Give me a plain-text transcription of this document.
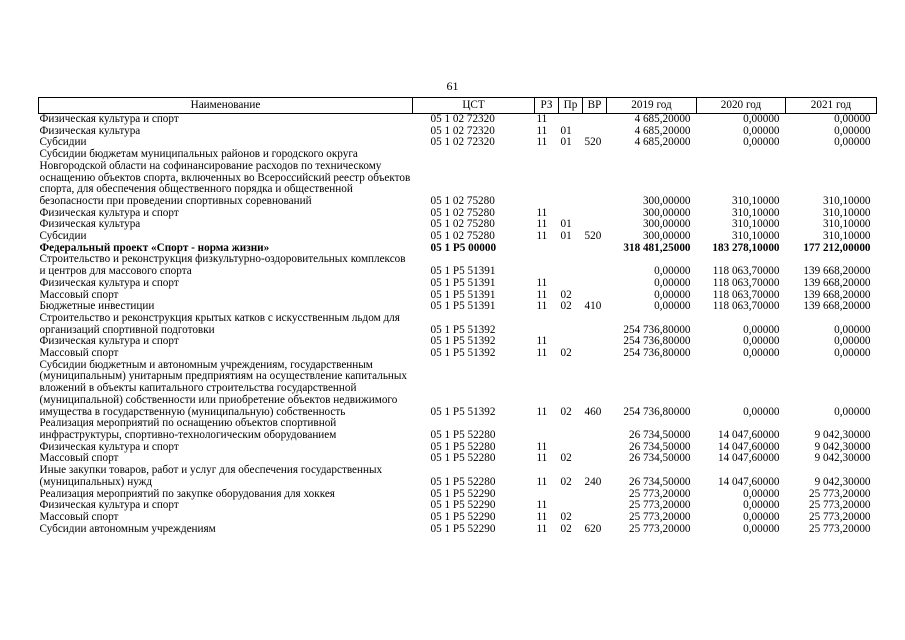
61
Наименование	ЦСТ	РЗ	Пр	ВР	2019 год	2020 год	2021 год
Физическая культура и спорт	05 1 02 72320	11			4 685,20000	0,00000	0,00000
Физическая культура	05 1 02 72320	11	01		4 685,20000	0,00000	0,00000
Субсидии	05 1 02 72320	11	01	520	4 685,20000	0,00000	0,00000
Субсидии бюджетам муниципальных районов и городского округа Новгородской области на софинансирование расходов по техническому оснащению объектов спорта, включенных во Всероссийский реестр объектов спорта, для обеспечения общественного порядка и общественной безопасности при проведении спортивных соревнований	05 1 02 75280				300,00000	310,10000	310,10000
Физическая культура и спорт	05 1 02 75280	11			300,00000	310,10000	310,10000
Физическая культура	05 1 02 75280	11	01		300,00000	310,10000	310,10000
Субсидии	05 1 02 75280	11	01	520	300,00000	310,10000	310,10000
Федеральный проект «Спорт - норма жизни»	05 1 P5 00000				318 481,25000	183 278,10000	177 212,00000
Строительство и реконструкция физкультурно-оздоровительных комплексов и центров для массового спорта	05 1 P5 51391				0,00000	118 063,70000	139 668,20000
Физическая культура и спорт	05 1 P5 51391	11			0,00000	118 063,70000	139 668,20000
Массовый спорт	05 1 P5 51391	11	02		0,00000	118 063,70000	139 668,20000
Бюджетные инвестиции	05 1 P5 51391	11	02	410	0,00000	118 063,70000	139 668,20000
Строительство и реконструкция крытых катков с искусственным льдом для организаций спортивной подготовки	05 1 P5 51392				254 736,80000	0,00000	0,00000
Физическая культура и спорт	05 1 P5 51392	11			254 736,80000	0,00000	0,00000
Массовый спорт	05 1 P5 51392	11	02		254 736,80000	0,00000	0,00000
Субсидии бюджетным и автономным учреждениям, государственным (муниципальным) унитарным предприятиям на осуществление капитальных вложений в объекты капитального строительства государственной (муниципальной) собственности или приобретение объектов недвижимого имущества в государственную (муниципальную) собственность	05 1 P5 51392	11	02	460	254 736,80000	0,00000	0,00000
Реализация мероприятий по оснащению объектов спортивной инфраструктуры, спортивно-технологическим оборудованием	05 1 P5 52280				26 734,50000	14 047,60000	9 042,30000
Физическая культура и спорт	05 1 P5 52280	11			26 734,50000	14 047,60000	9 042,30000
Массовый спорт	05 1 P5 52280	11	02		26 734,50000	14 047,60000	9 042,30000
Иные закупки товаров, работ и услуг для обеспечения государственных (муниципальных) нужд	05 1 P5 52280	11	02	240	26 734,50000	14 047,60000	9 042,30000
Реализация мероприятий по закупке оборудования для хоккея	05 1 P5 52290				25 773,20000	0,00000	25 773,20000
Физическая культура и спорт	05 1 P5 52290	11			25 773,20000	0,00000	25 773,20000
Массовый спорт	05 1 P5 52290	11	02		25 773,20000	0,00000	25 773,20000
Субсидии автономным учреждениям	05 1 P5 52290	11	02	620	25 773,20000	0,00000	25 773,20000
